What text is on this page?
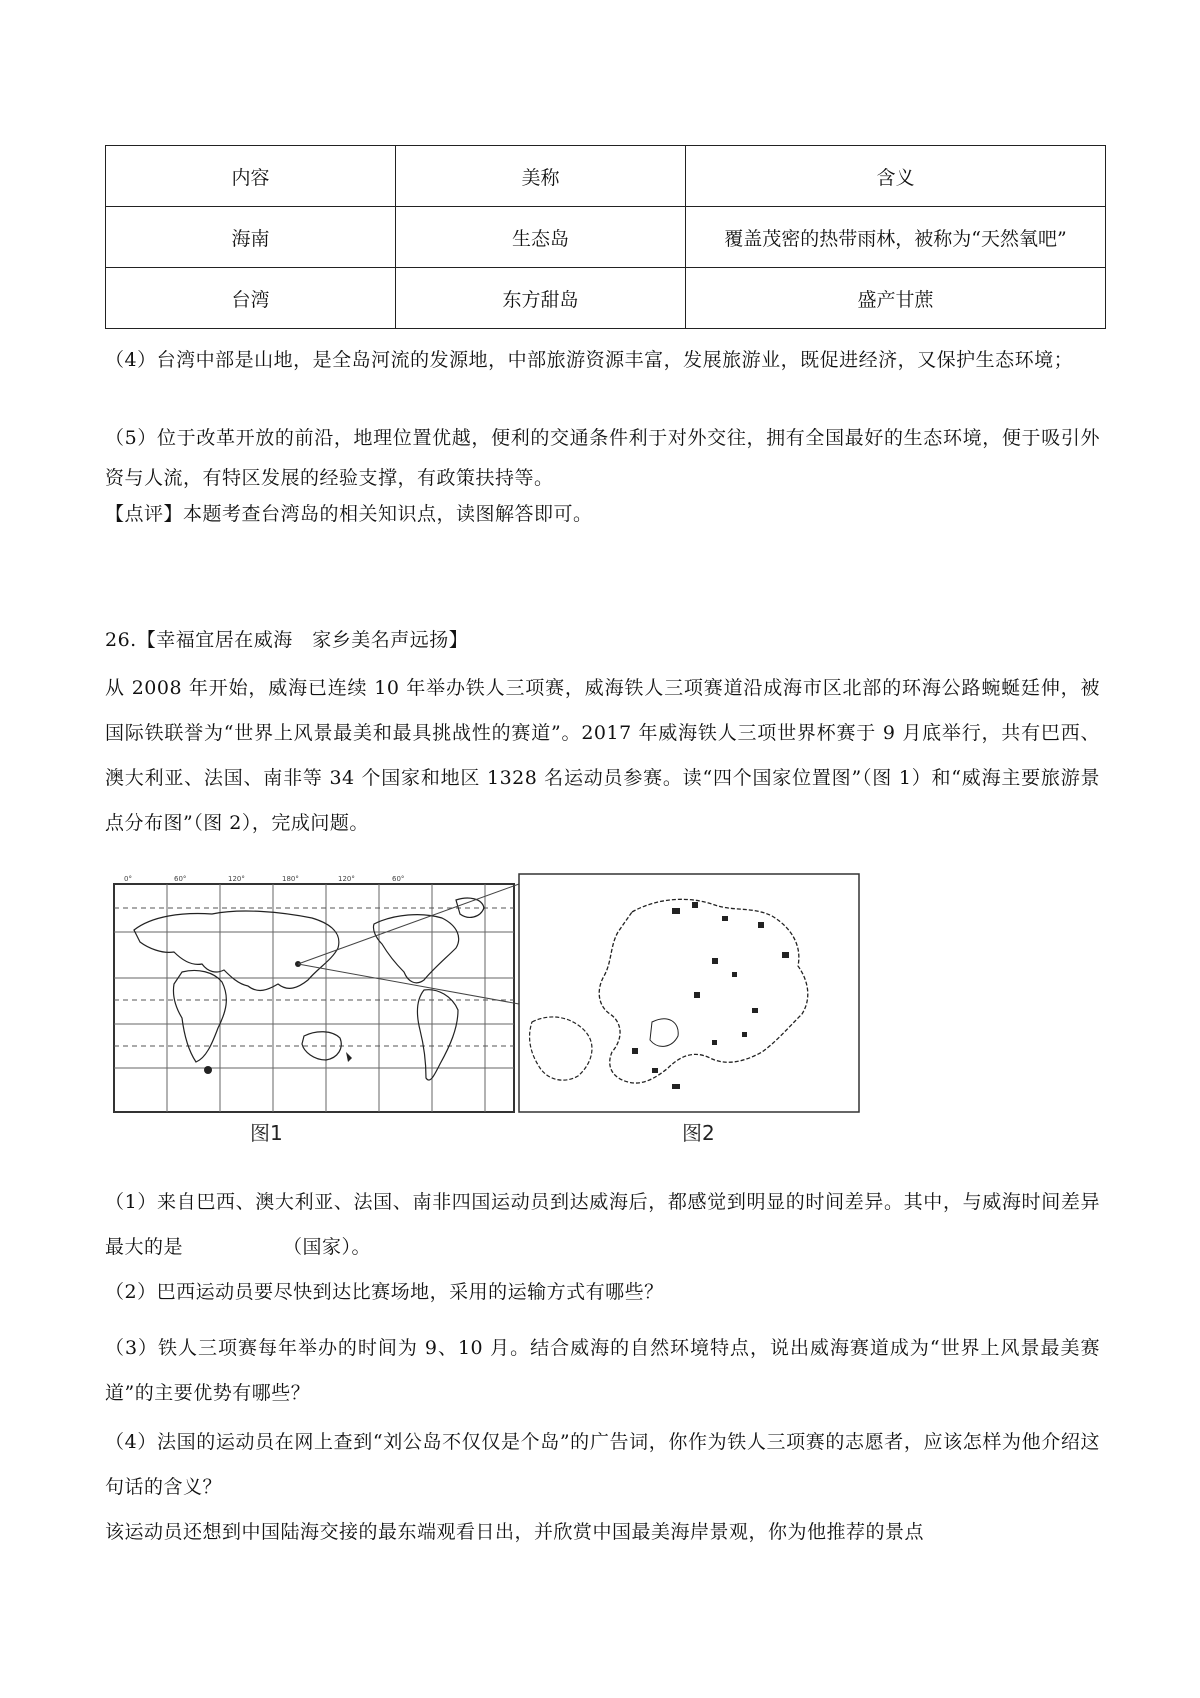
内容	美称	含义
海南	生态岛	覆盖茂密的热带雨林，被称为“天然氧吧”
台湾	东方甜岛	盛产甘蔗
（4）台湾中部是山地，是全岛河流的发源地，中部旅游资源丰富，发展旅游业，既促进经济，又保护生态环境；
（5）位于改革开放的前沿，地理位置优越，便利的交通条件利于对外交往，拥有全国最好的生态环境，便于吸引外资与人流，有特区发展的经验支撑，有政策扶持等。
【点评】本题考查台湾岛的相关知识点，读图解答即可。
26.【幸福宜居在威海　家乡美名声远扬】
从 2008 年开始，威海已连续 10 年举办铁人三项赛，威海铁人三项赛道沿成海市区北部的环海公路蜿蜒廷伸，被国际铁联誉为“世界上风景最美和最具挑战性的赛道”。2017 年威海铁人三项世界杯赛于 9 月底举行，共有巴西、澳大利亚、法国、南非等 34 个国家和地区 1328 名运动员参赛。读“四个国家位置图”（图 1）和“威海主要旅游景点分布图”（图 2），完成问题。
0°	60°	120°	180°	120°	60°
图1	图2
（1）来自巴西、澳大利亚、法国、南非四国运动员到达威海后，都感觉到明显的时间差异。其中，与威海时间差异最大的是	（国家）。
（2）巴西运动员要尽快到达比赛场地，采用的运输方式有哪些？
（3）铁人三项赛每年举办的时间为 9、10 月。结合威海的自然环境特点，说出威海赛道成为“世界上风景最美赛道”的主要优势有哪些？
（4）法国的运动员在网上查到“刘公岛不仅仅是个岛”的广告词，你作为铁人三项赛的志愿者，应该怎样为他介绍这句话的含义？
该运动员还想到中国陆海交接的最东端观看日出，并欣赏中国最美海岸景观，你为他推荐的景点
